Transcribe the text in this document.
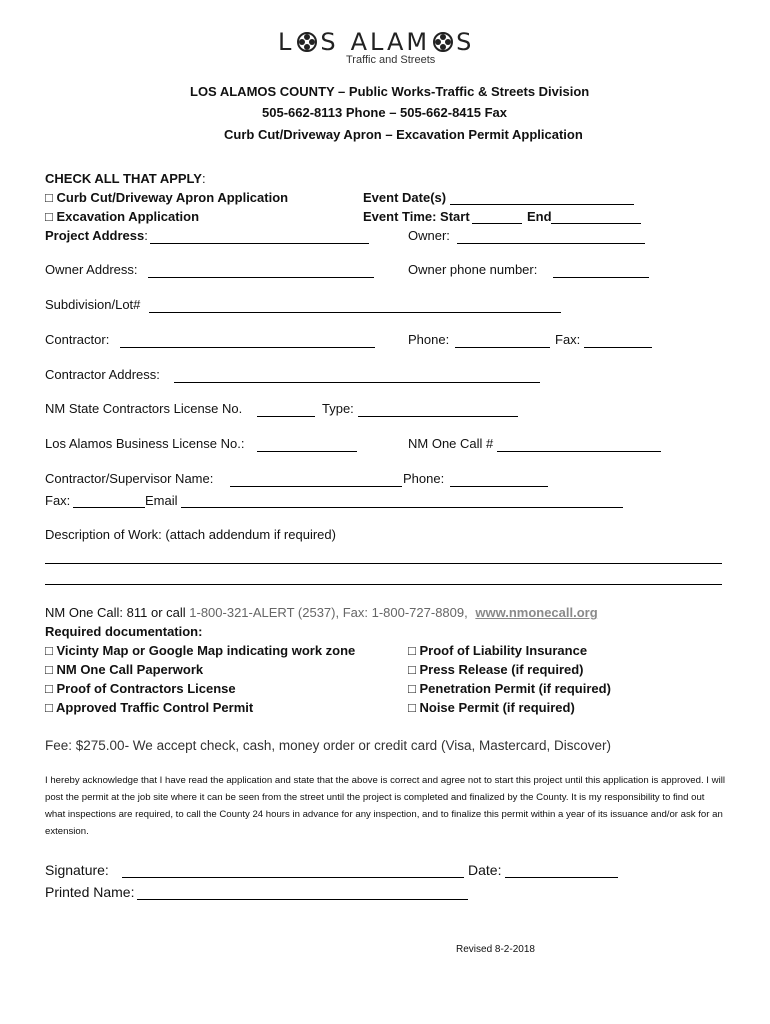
L S ALAM S
Traffic and Streets
LOS ALAMOS COUNTY – Public Works-Traffic & Streets Division
505-662-8113 Phone – 505-662-8415 Fax
Curb Cut/Driveway Apron – Excavation Permit Application
CHECK ALL THAT APPLY:
□ Curb Cut/Driveway Apron Application
□ Excavation Application
Event Date(s)
Event Time: Start	End
Project Address:	Owner:
Owner Address:	Owner phone number:
Subdivision/Lot#
Contractor:	Phone:	Fax:
Contractor Address:
NM State Contractors License No.	Type:
Los Alamos Business License No.:	NM One Call #
Contractor/Supervisor Name:	Phone:
Fax:	Email
Description of Work: (attach addendum if required)
NM One Call: 811 or call 1-800-321-ALERT (2537), Fax: 1-800-727-8809, www.nmonecall.org
Required documentation:
□ Vicinty Map or Google Map indicating work zone
□ NM One Call Paperwork
□ Proof of Contractors License
□ Approved Traffic Control Permit
□ Proof of Liability Insurance
□ Press Release (if required)
□ Penetration Permit (if required)
□ Noise Permit (if required)
Fee: $275.00- We accept check, cash, money order or credit card (Visa, Mastercard, Discover)
I hereby acknowledge that I have read the application and state that the above is correct and agree not to start this project until this application is approved. I will post the permit at the job site where it can be seen from the street until the project is completed and finalized by the County. It is my responsibility to find out what inspections are required, to call the County 24 hours in advance for any inspection, and to finalize this permit within a year of its issuance and/or ask for an extension.
Signature:	Date:
Printed Name:
Revised 8-2-2018
